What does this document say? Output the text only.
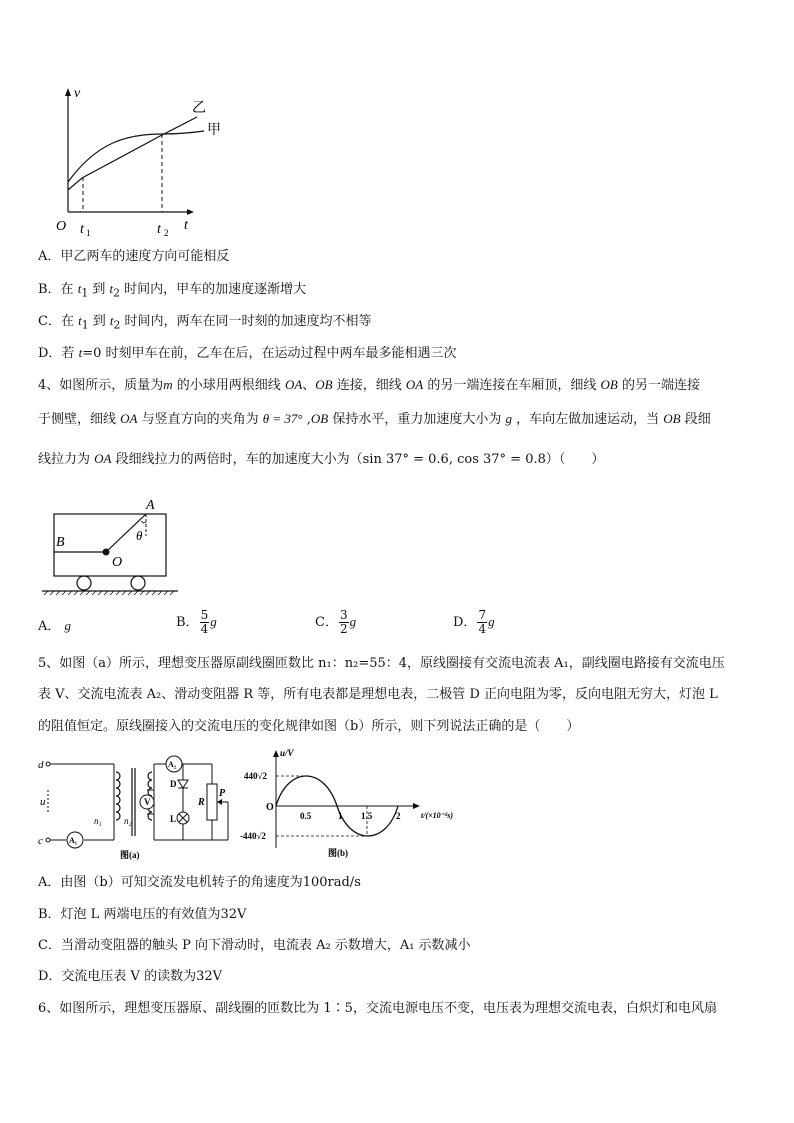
v
t
O t 1	t 2
乙
甲
A．甲乙两车的速度方向可能相反
B．在 $t_1$ 到 $t_2$ 时间内，甲车的加速度逐渐增大
C．在 $t_1$ 到 $t_2$ 时间内，两车在同一时刻的加速度均不相等
D．若 t=0 时刻甲车在前，乙车在后，在运动过程中两车最多能相遇三次
4、如图所示，质量为m 的小球用两根细线 OA、OB 连接，细线 OA 的另一端连接在车厢顶，细线 OB 的另一端连接
于侧壁，细线 OA 与竖直方向的夹角为 θ = 37° ,OB 保持水平，重力加速度大小为 g ，车向左做加速运动，当 OB 段细
线拉力为 OA 段细线拉力的两倍时，车的加速度大小为（sin 37° = 0.6, cos 37° = 0.8）（　　）
A
B
O
θ
A． g	B． $\frac{5}{4}$ g	C． $\frac{3}{2}$ g	D． $\frac{7}{4}$ g
5、如图（a）所示，理想变压器原副线圈匝数比 n₁：n₂=55：4，原线圈接有交流电流表 A₁，副线圈电路接有交流电压
表 V、交流电流表 A₂、滑动变阻器 R 等，所有电表都是理想电表，二极管 D 正向电阻为零，反向电阻无穷大，灯泡 L
的阻值恒定。原线圈接入的交流电压的变化规律如图（b）所示，则下列说法正确的是（　　）
d
c
u
n₁ n₂
A₁
A₂
V
D
L
R
P
图(a)
u/V
440√2
-440√2
O
0.5	1 1.5	2	t/(×10⁻²s)
图(b)
A．由图（b）可知交流发电机转子的角速度为100rad/s
B．灯泡 L 两端电压的有效值为32V
C．当滑动变阻器的触头 P 向下滑动时，电流表 A₂ 示数增大，A₁ 示数减小
D．交流电压表 V 的读数为32V
6、如图所示，理想变压器原、副线圈的匝数比为 1∶5，交流电源电压不变，电压表为理想交流电表，白炽灯和电风扇
